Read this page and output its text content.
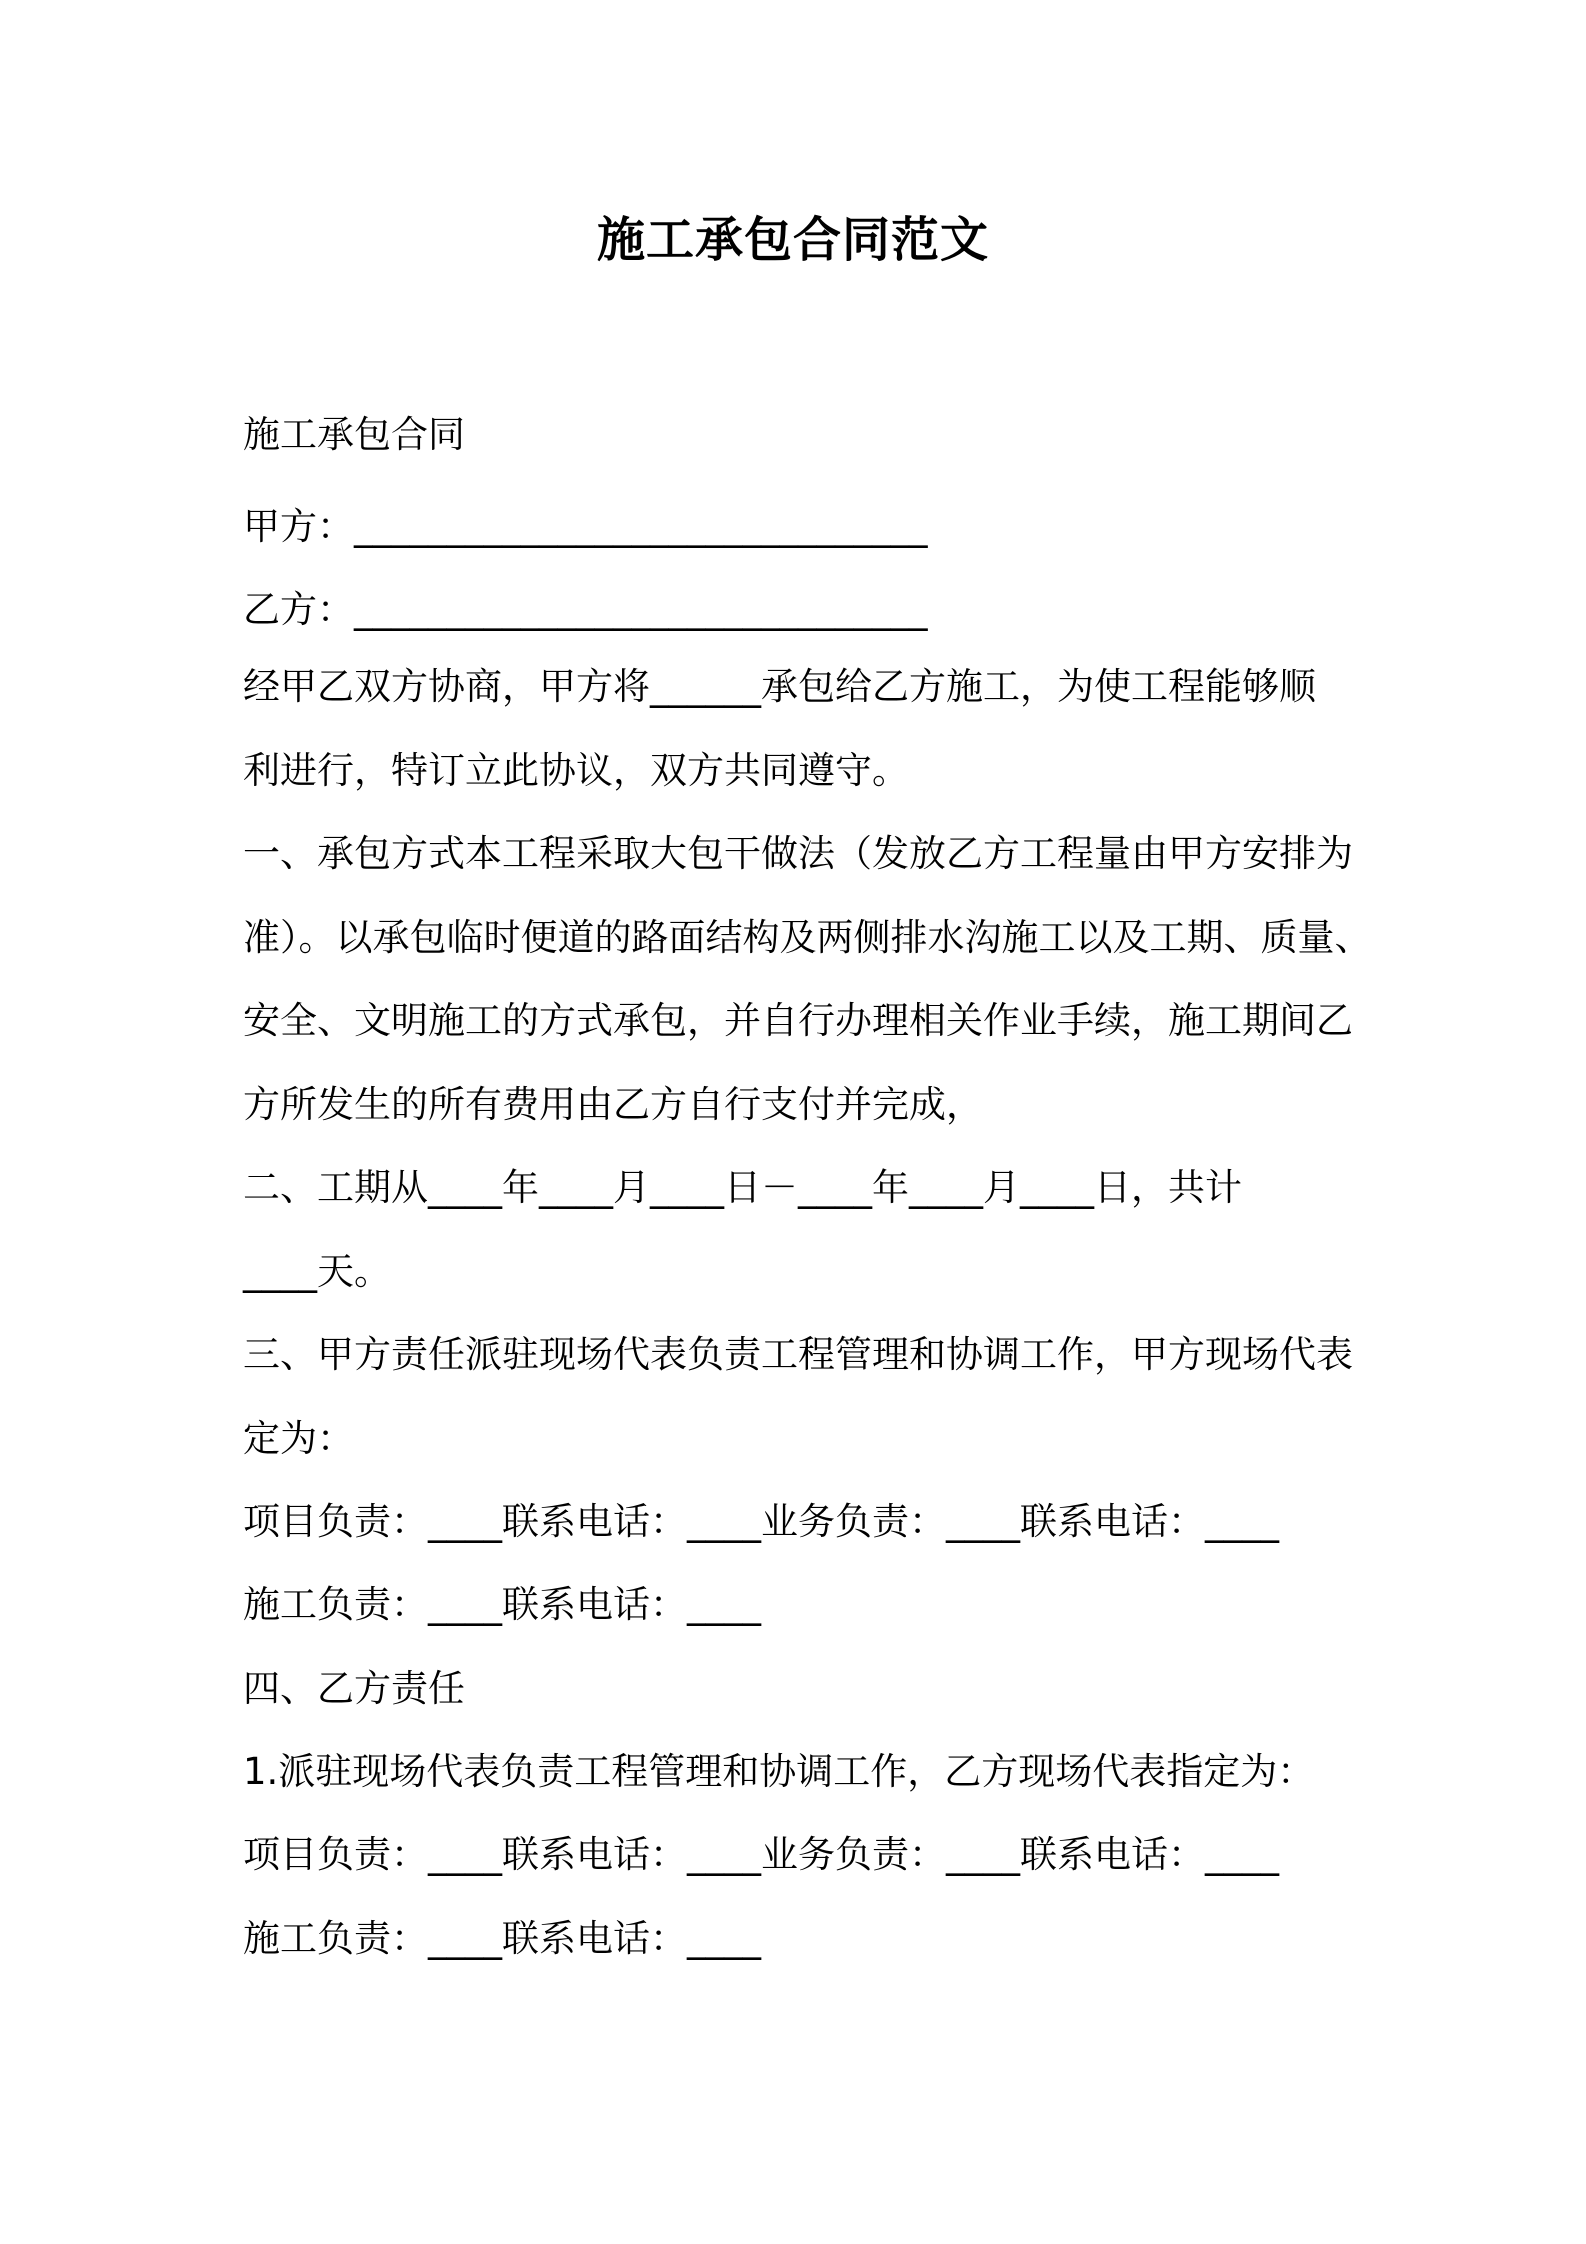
施工承包合同范文
施工承包合同
甲方：_______________________________
乙方：_______________________________
经甲乙双方协商，甲方将______承包给乙方施工，为使工程能够顺
利进行，特订立此协议，双方共同遵守。
一、承包方式本工程采取大包干做法（发放乙方工程量由甲方安排为
准）。以承包临时便道的路面结构及两侧排水沟施工以及工期、质量、
安全、文明施工的方式承包，并自行办理相关作业手续，施工期间乙
方所发生的所有费用由乙方自行支付并完成，
二、工期从____年____月____日－____年____月____日，共计
____天。
三、甲方责任派驻现场代表负责工程管理和协调工作，甲方现场代表
定为：
项目负责：____联系电话：____业务负责：____联系电话：____
施工负责：____联系电话：____
四、乙方责任
1.派驻现场代表负责工程管理和协调工作，乙方现场代表指定为：
项目负责：____联系电话：____业务负责：____联系电话：____
施工负责：____联系电话：____
